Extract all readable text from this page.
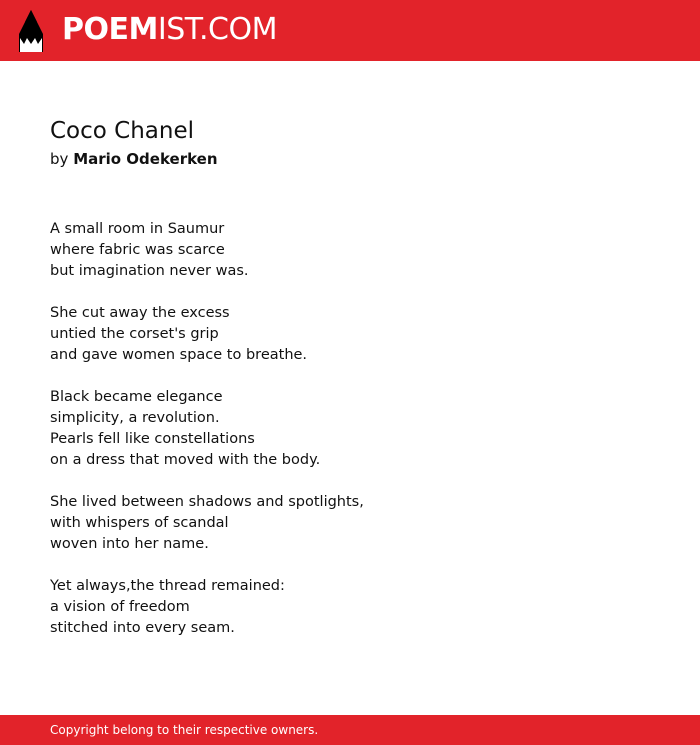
POEMIST.COM
Coco Chanel
by Mario Odekerken
A small room in Saumur
where fabric was scarce
but imagination never was.
She cut away the excess
untied the corset's grip
and gave women space to breathe.
Black became elegance
simplicity, a revolution.
Pearls fell like constellations
on a dress that moved with the body.
She lived between shadows and spotlights,
with whispers of scandal
woven into her name.
Yet always,the thread remained:
a vision of freedom
stitched into every seam.
Copyright belong to their respective owners.
